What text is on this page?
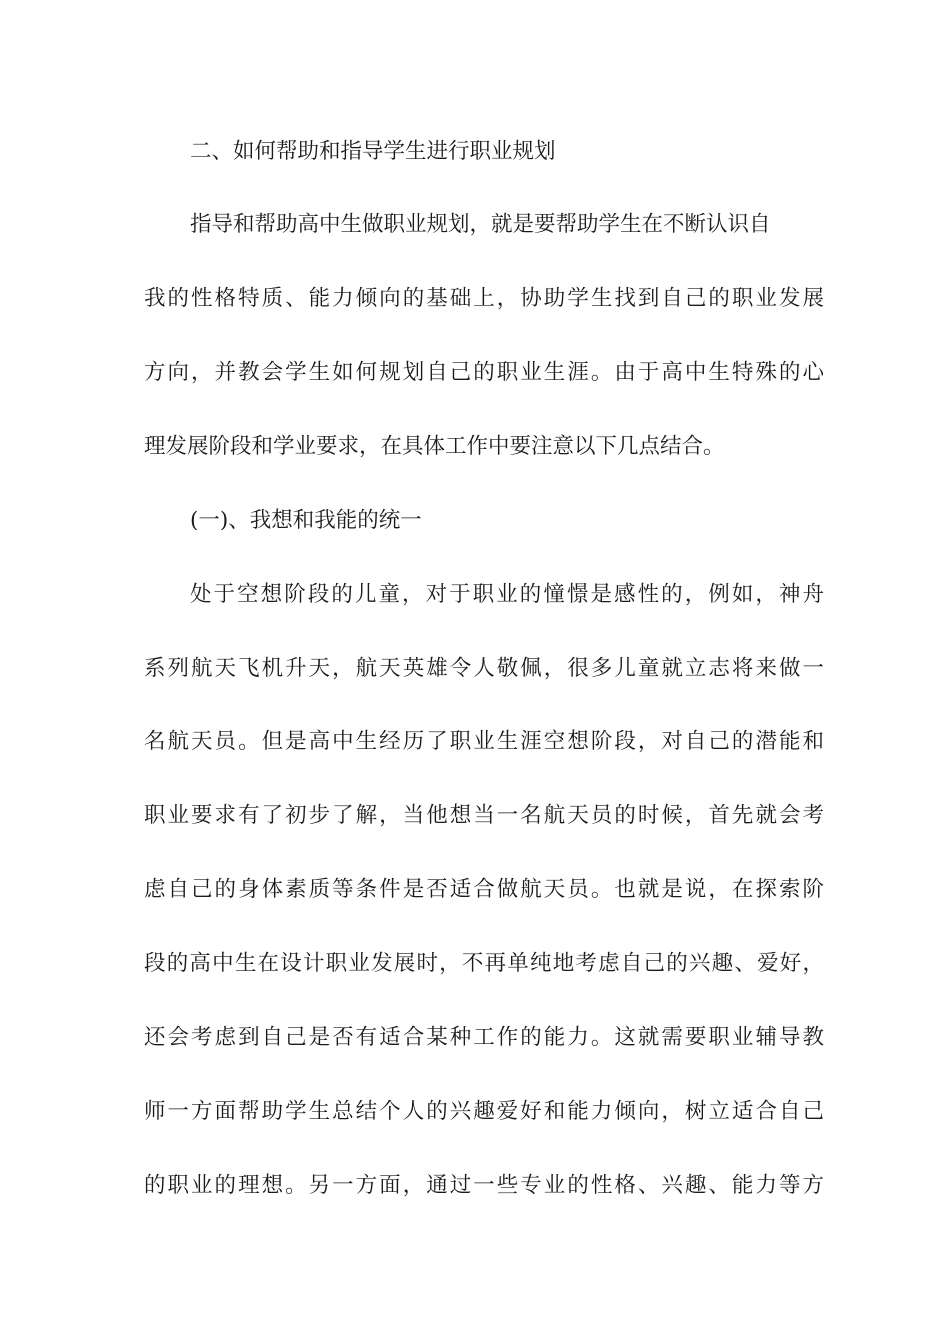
二、如何帮助和指导学生进行职业规划
指导和帮助高中生做职业规划，就是要帮助学生在不断认识自
我的性格特质、能力倾向的基础上，协助学生找到自己的职业发展
方向，并教会学生如何规划自己的职业生涯。由于高中生特殊的心
理发展阶段和学业要求，在具体工作中要注意以下几点结合。
(一)、我想和我能的统一
处于空想阶段的儿童，对于职业的憧憬是感性的，例如，神舟
系列航天飞机升天，航天英雄令人敬佩，很多儿童就立志将来做一
名航天员。但是高中生经历了职业生涯空想阶段，对自己的潜能和
职业要求有了初步了解，当他想当一名航天员的时候，首先就会考
虑自己的身体素质等条件是否适合做航天员。也就是说，在探索阶
段的高中生在设计职业发展时，不再单纯地考虑自己的兴趣、爱好，
还会考虑到自己是否有适合某种工作的能力。这就需要职业辅导教
师一方面帮助学生总结个人的兴趣爱好和能力倾向，树立适合自己
的职业的理想。另一方面，通过一些专业的性格、兴趣、能力等方
